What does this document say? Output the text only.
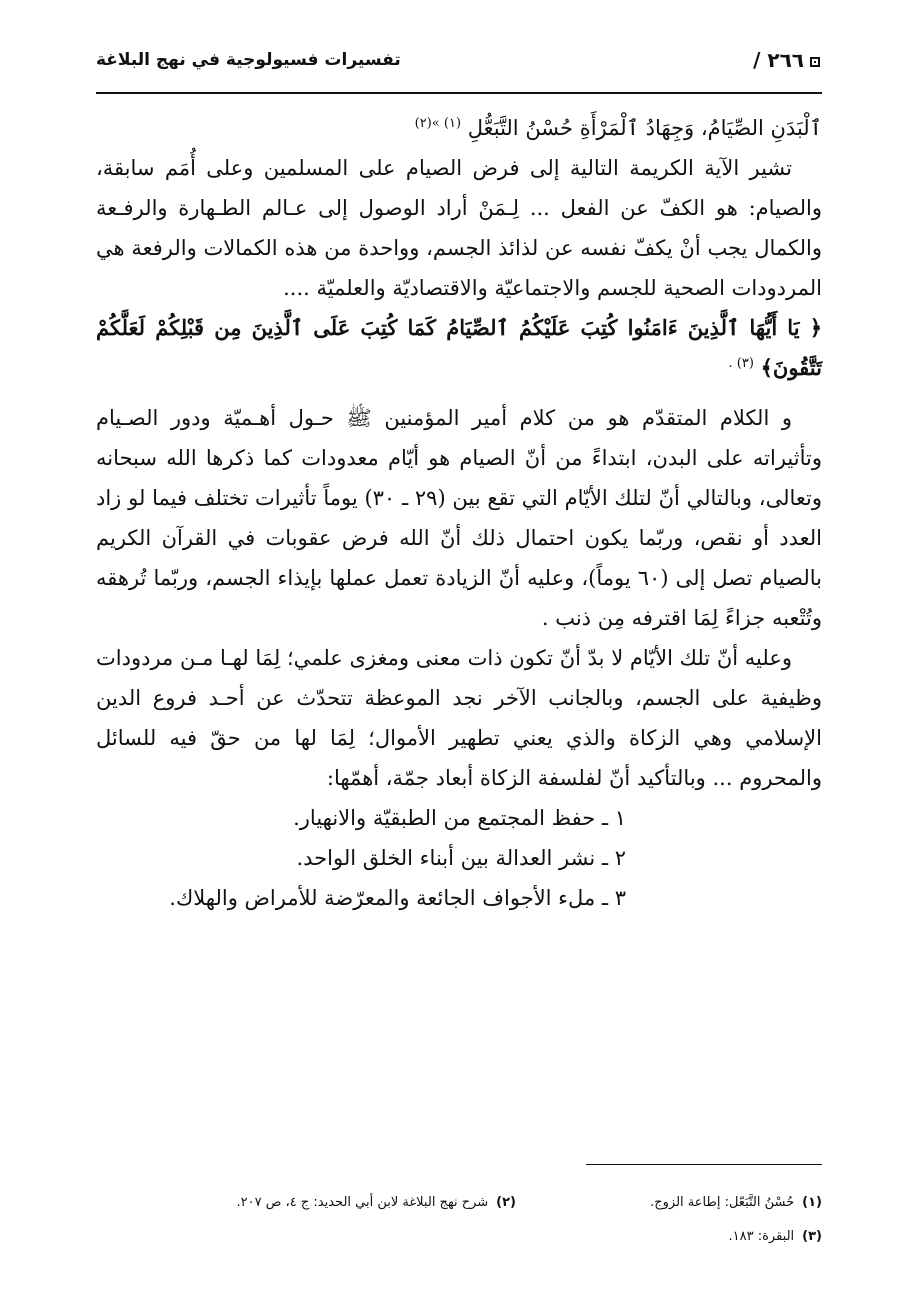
٢٦٦ /
تفسيرات فسيولوجية في نهج البلاغة

ٱلْبَدَنِ الصِّيَامُ، وَجِهَادُ ٱلْمَرْأَةِ حُسْنُ التَّبَعُّلِ $^{(١) »(٢)}$

تشير الآية الكريمة التالية إلى فرض الصيام على المسلمين وعلى أُمَم سابقة، والصيام: هو الكفّ عن الفعل ... لِـمَنْ أراد الوصول إلى عـالم الطـهارة والرفـعة والكمال يجب أنْ يكفّ نفسه عن لذائذ الجسم، وواحدة من هذه الكمالات والرفعة هي المردودات الصحية للجسم والاجتماعيّة والاقتصاديّة والعلميّة ....

﴿ يَا أَيُّهَا ٱلَّذِينَ ءَامَنُوا كُتِبَ عَلَيْكُمُ ٱلصِّيَامُ كَمَا كُتِبَ عَلَى ٱلَّذِينَ مِن قَبْلِكُمْ لَعَلَّكُمْ تَتَّقُونَ﴾ $^{(٣) .}$

و الكلام المتقدّم هو من كلام أمير المؤمنين ﷺ حـول أهـميّة ودور الصـيام وتأثيراته على البدن، ابتداءً من أنّ الصيام هو أيّام معدودات كما ذكرها الله سبحانه وتعالى، وبالتالي أنّ لتلك الأيّام التي تقع بين (٢٩ ـ ٣٠) يوماً تأثيرات تختلف فيما لو زاد العدد أو نقص، وربّما يكون احتمال ذلك أنّ الله فرض عقوبات في القرآن الكريم بالصيام تصل إلى (٦٠ يوماً)، وعليه أنّ الزيادة تعمل عملها بإيذاء الجسم، وربّما تُرهقه وتُتْعبه جزاءً لِمَا اقترفه مِن ذنب .

وعليه أنّ تلك الأيّام لا بدّ أنّ تكون ذات معنى ومغزى علمي؛ لِمَا لهـا مـن مردودات وظيفية على الجسم، وبالجانب الآخر نجد الموعظة تتحدّث عن أحـد فروع الدين الإسلامي وهي الزكاة والذي يعني تطهير الأموال؛ لِمَا لها من حقّ فيه للسائل والمحروم ... وبالتأكيد أنّ لفلسفة الزكاة أبعاد جمّة، أهمّها:

١ ـ حفظ المجتمع من الطبقيّة والانهيار.
٢ ـ نشر العدالة بين أبناء الخلق الواحد.
٣ ـ ملء الأجواف الجائعة والمعرّضة للأمراض والهلاك.
(١)حُسْنُ التَّبَعّل: إطاعة الزوج.
(٢)شرح نهج البلاغة لابن أبي الحديد: ج ٤، ص ٢٠٧.
(٣)البقرة: ١٨٣.
